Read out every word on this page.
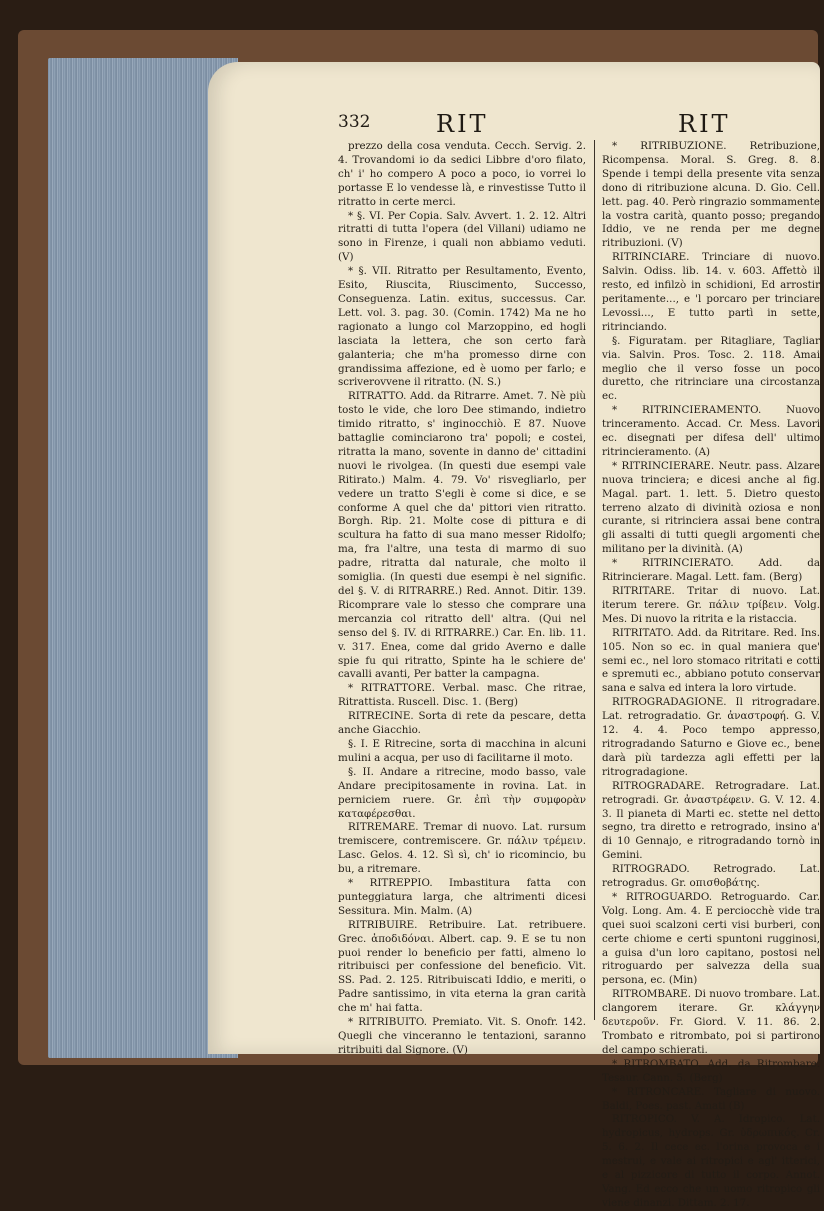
332	RIT	RIT

prezzo della cosa venduta. Cecch. Servig. 2. 4. Trovandomi io da sedici Libbre d'oro filato, ch' i' ho compero A poco a poco, io vorrei lo portasse E lo vendesse là, e rinvestisse Tutto il ritratto in certe merci.

* §. VI. Per Copia. Salv. Avvert. 1. 2. 12. Altri ritratti di tutta l'opera (del Villani) udiamo ne sono in Firenze, i quali non abbiamo veduti. (V)

* §. VII. Ritratto per Resultamento, Evento, Esito, Riuscita, Riuscimento, Successo, Conseguenza. Latin. exitus, successus. Car. Lett. vol. 3. pag. 30. (Comin. 1742) Ma ne ho ragionato a lungo col Marzoppino, ed hogli lasciata la lettera, che son certo farà galanteria; che m'ha promesso dirne con grandissima affezione, ed è uomo per farlo; e scriverovvene il ritratto. (N. S.)

RITRATTO. Add. da Ritrarre. Amet. 7. Nè più tosto le vide, che loro Dee stimando, indietro timido ritratto, s' inginocchiò. E 87. Nuove battaglie cominciarono tra' popoli; e costei, ritratta la mano, sovente in danno de' cittadini nuovi le rivolgea. (In questi due esempi vale Ritirato.) Malm. 4. 79. Vo' risvegliarlo, per vedere un tratto S'egli è come si dice, e se conforme A quel che da' pittori vien ritratto. Borgh. Rip. 21. Molte cose di pittura e di scultura ha fatto di sua mano messer Ridolfo; ma, fra l'altre, una testa di marmo di suo padre, ritratta dal naturale, che molto il somiglia. (In questi due esempi è nel signific. del §. V. di RITRARRE.) Red. Annot. Ditir. 139. Ricomprare vale lo stesso che comprare una mercanzia col ritratto dell' altra. (Qui nel senso del §. IV. di RITRARRE.) Car. En. lib. 11. v. 317. Enea, come dal grido Averno e dalle spie fu qui ritratto, Spinte ha le schiere de' cavalli avanti, Per batter la campagna.

* RITRATTORE. Verbal. masc. Che ritrae, Ritrattista. Ruscell. Disc. 1. (Berg)

RITRECINE. Sorta di rete da pescare, detta anche Giacchio.

§. I. E Ritrecine, sorta di macchina in alcuni mulini a acqua, per uso di facilitarne il moto.

§. II. Andare a ritrecine, modo basso, vale Andare precipitosamente in rovina. Lat. in perniciem ruere. Gr. ἐπὶ τὴν συμφορὰν καταφέρεσθαι.

RITREMARE. Tremar di nuovo. Lat. rursum tremiscere, contremiscere. Gr. πάλιν τρέμειν. Lasc. Gelos. 4. 12. Sì sì, ch' io ricomincio, bu bu, a ritremare.

* RITREPPIO. Imbastitura fatta con punteggiatura larga, che altrimenti dicesi Sessitura. Min. Malm. (A)

RITRIBUIRE. Retribuire. Lat. retribuere. Grec. ἀποδιδόναι. Albert. cap. 9. E se tu non puoi render lo beneficio per fatti, almeno lo ritribuisci per confessione del beneficio. Vit. SS. Pad. 2. 125. Ritribuiscati Iddio, e meriti, o Padre santissimo, in vita eterna la gran carità che m' hai fatta.

* RITRIBUITO. Premiato. Vit. S. Onofr. 142. Quegli che vinceranno le tentazioni, saranno ritribuiti dal Signore. (V)

* RITRIBUZIONE. Retribuzione, Ricompensa. Moral. S. Greg. 8. 8. Spende i tempi della presente vita senza dono di ritribuzione alcuna. D. Gio. Cell. lett. pag. 40. Però ringrazio sommamente la vostra carità, quanto posso; pregando Iddio, ve ne renda per me degne ritribuzioni. (V)

RITRINCIARE. Trinciare di nuovo. Salvin. Odiss. lib. 14. v. 603. Affettò il resto, ed infilzò in schidioni, Ed arrostir peritamente..., e 'l porcaro per trinciare Levossi..., E tutto partì in sette, ritrinciando.

§. Figuratam. per Ritagliare, Tagliar via. Salvin. Pros. Tosc. 2. 118. Amai meglio che il verso fosse un poco duretto, che ritrinciare una circostanza ec.

* RITRINCIERAMENTO. Nuovo trinceramento. Accad. Cr. Mess. Lavori ec. disegnati per difesa dell' ultimo ritrincieramento. (A)

* RITRINCIERARE. Neutr. pass. Alzare nuova trinciera; e dicesi anche al fig. Magal. part. 1. lett. 5. Dietro questo terreno alzato di divinità oziosa e non curante, si ritrinciera assai bene contra gli assalti di tutti quegli argomenti che militano per la divinità. (A)

* RITRINCIERATO. Add. da Ritrincierare. Magal. Lett. fam. (Berg)

RITRITARE. Tritar di nuovo. Lat. iterum terere. Gr. πάλιν τρίβειν. Volg. Mes. Di nuovo la ritrita e la ristaccia.

RITRITATO. Add. da Ritritare. Red. Ins. 105. Non so ec. in qual maniera que' semi ec., nel loro stomaco ritritati e cotti e spremuti ec., abbiano potuto conservar sana e salva ed intera la loro virtude.

RITROGRADAGIONE. Il ritrogradare. Lat. retrogradatio. Gr. ἀναστροφή. G. V. 12. 4. 4. Poco tempo appresso, ritrogradando Saturno e Giove ec., bene darà più tardezza agli effetti per la ritrogradagione.

RITROGRADARE. Retrogradare. Lat. retrogradi. Gr. ἀναστρέφειν. G. V. 12. 4. 3. Il pianeta di Marti ec. stette nel detto segno, tra diretto e retrogrado, insino a' di 10 Gennajo, e ritrogradando tornò in Gemini.

RITROGRADO. Retrogrado. Lat. retrogradus. Gr. οπισθοβάτης.

* RITROGUARDO. Retroguardo. Car. Volg. Long. Am. 4. E perciocchè vide tra quei suoi scalzoni certi visi burberi, con certe chiome e certi spuntoni rugginosi, a guisa d'un loro capitano, postosi nel ritroguardo per salvezza della sua persona, ec. (Min)

RITROMBARE. Di nuovo trombare. Lat. clangorem iterare. Gr. κλάγγην δευτεροῦν. Fr. Giord. V. 11. 86. 2. Trombato e ritrombato, poi si partirono del campo schierati.

* RITROMBATO. Add. da Ritrombare. Tesaur. Cann. 5. (Berg)

* RITRONCARE. Tagliare di nuovo. Baldi, Poes. past. Amati (B)

RITROPICO. V. A. Idropico. Lat. hydropicus, hydrops. Gr. ὑδρωπικός. Cr. 5. 6. 2. Il cece ec. l'orina provoca e i mestrui, e vale ai ritropici e agl' itterici, e al pizzicore di tutto il corpo. Annot. Vang. Ed ecco che un uomo ritropico gli viene dinanzi. Dittam. 2. 17.
